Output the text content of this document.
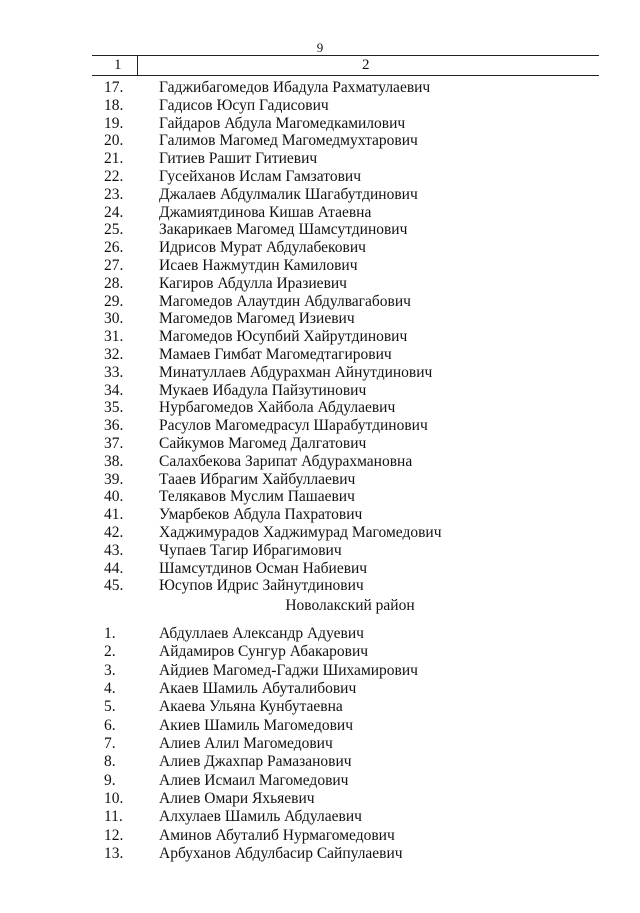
9
1	2
17.	Гаджибагомедов Ибадула Рахматулаевич
18.	Гадисов Юсуп Гадисович
19.	Гайдаров Абдула Магомедкамилович
20.	Галимов Магомед Магомедмухтарович
21.	Гитиев Рашит Гитиевич
22.	Гусейханов Ислам Гамзатович
23.	Джалаев Абдулмалик Шагабутдинович
24.	Джамиятдинова Кишав Атаевна
25.	Закарикаев Магомед Шамсутдинович
26.	Идрисов Мурат Абдулабекович
27.	Исаев Нажмутдин Камилович
28.	Кагиров Абдулла Иразиевич
29.	Магомедов Алаутдин Абдулвагабович
30.	Магомедов Магомед Изиевич
31.	Магомедов Юсупбий Хайрутдинович
32.	Мамаев Гимбат Магомедтагирович
33.	Минатуллаев Абдурахман Айнутдинович
34.	Мукаев Ибадула Пайзутинович
35.	Нурбагомедов Хайбола Абдулаевич
36.	Расулов Магомедрасул Шарабутдинович
37.	Сайкумов Магомед Далгатович
38.	Салахбекова Зарипат Абдурахмановна
39.	Тааев Ибрагим Хайбуллаевич
40.	Телякавов Муслим Пашаевич
41.	Умарбеков Абдула Пахратович
42.	Хаджимурадов Хаджимурад Магомедович
43.	Чупаев Тагир Ибрагимович
44.	Шамсутдинов Осман Набиевич
45.	Юсупов Идрис Зайнутдинович
Новолакский район
1.	Абдуллаев Александр Адуевич
2.	Айдамиров Сунгур Абакарович
3.	Айдиев Магомед-Гаджи Шихамирович
4.	Акаев Шамиль Абуталибович
5.	Акаева Ульяна Кунбутаевна
6.	Акиев Шамиль Магомедович
7.	Алиев Алил Магомедович
8.	Алиев Джахпар Рамазанович
9.	Алиев Исмаил Магомедович
10.	Алиев Омари Яхьяевич
11.	Алхулаев Шамиль Абдулаевич
12.	Аминов Абуталиб Нурмагомедович
13.	Арбуханов Абдулбасир Сайпулаевич
